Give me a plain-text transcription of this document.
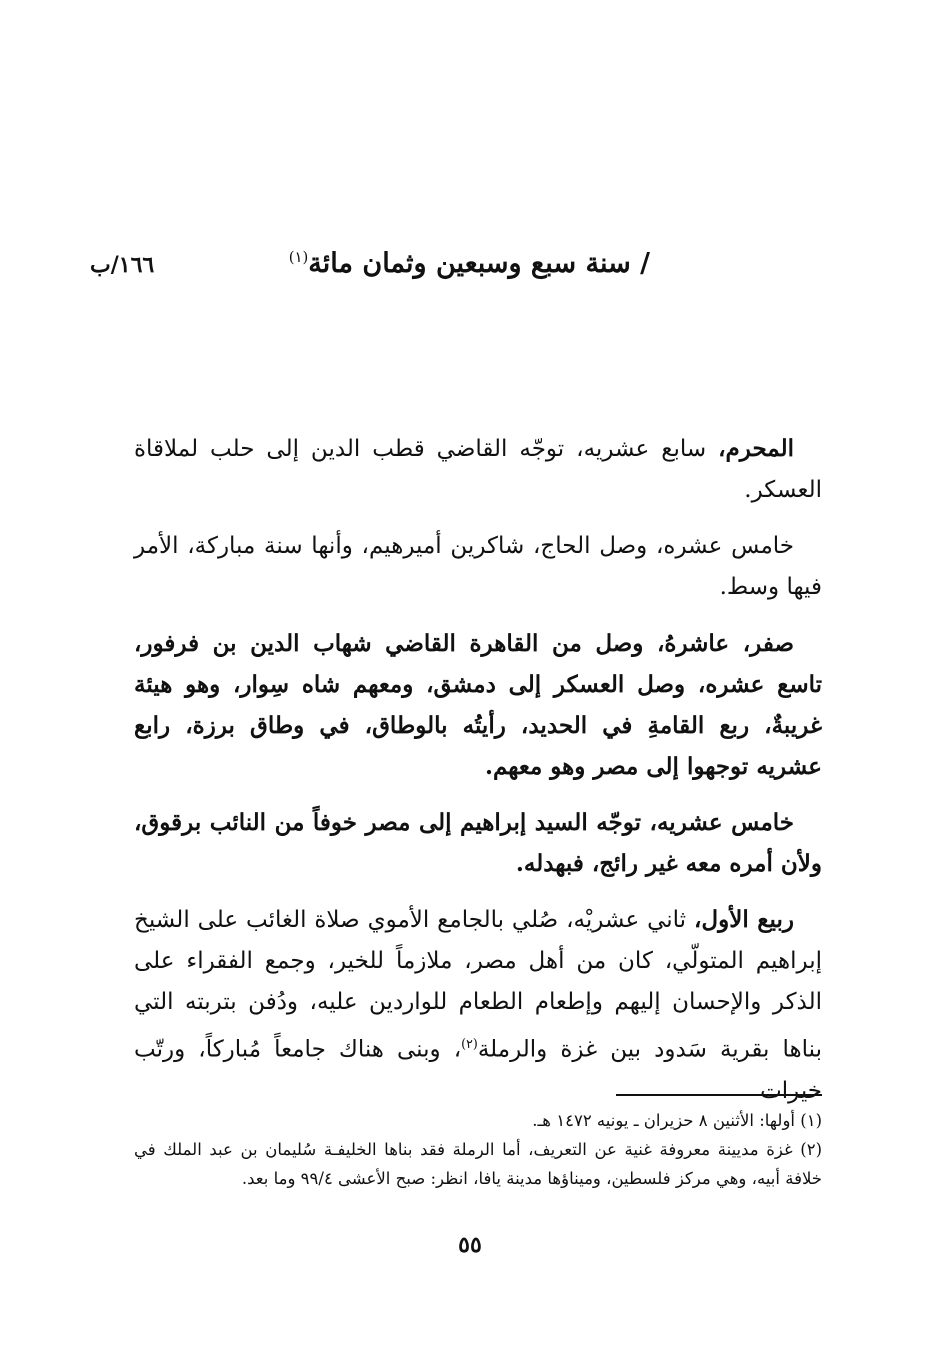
/ سنة سبع وسبعين وثمان مائة$^{(١)}$
١٦٦/ب

المحرم، سابع عشريه، توجّه القاضي قطب الدين إلى حلب لملاقاة العسكر.

خامس عشره، وصل الحاج، شاكرين أميرهيم، وأنها سنة مباركة، الأمر فيها وسط.

صفر، عاشرهُ، وصل من القاهرة القاضي شهاب الدين بن فرفور، تاسع عشره، وصل العسكر إلى دمشق، ومعهم شاه سِوار، وهو هيئة غريبةٌ، ربع القامةِ في الحديد، رأيتُه بالوطاق، في وطاق برزة، رابع عشريه توجهوا إلى مصر وهو معهم.

خامس عشريه، توجّه السيد إبراهيم إلى مصر خوفاً من النائب برقوق، ولأن أمره معه غير رائج، فبهدله.

ربيع الأول، ثاني عشريْه، صُلي بالجامع الأموي صلاة الغائب على الشيخ إبراهيم المتولّي، كان من أهل مصر، ملازماً للخير، وجمع الفقراء على الذكر والإحسان إليهم وإطعام الطعام للواردين عليه، ودُفن بتربته التي بناها بقرية سَدود بين غزة والرملة$^{(٢)}$، وبنى هناك جامعاً مُباركاً، ورتّب خيرات

(١) أولها: الأثنين ٨ حزيران ـ يونيه ١٤٧٢ هـ.

(٢) غزة مديينة معروفة غنية عن التعريف، أما الرملة فقد بناها الخليفـة سُليمان بن عبد الملك في خلافة أبيه، وهي مركز فلسطين، وميناؤها مدينة يافا، انظر: صبح الأعشى ٩٩/٤ وما بعد.

٥٥
